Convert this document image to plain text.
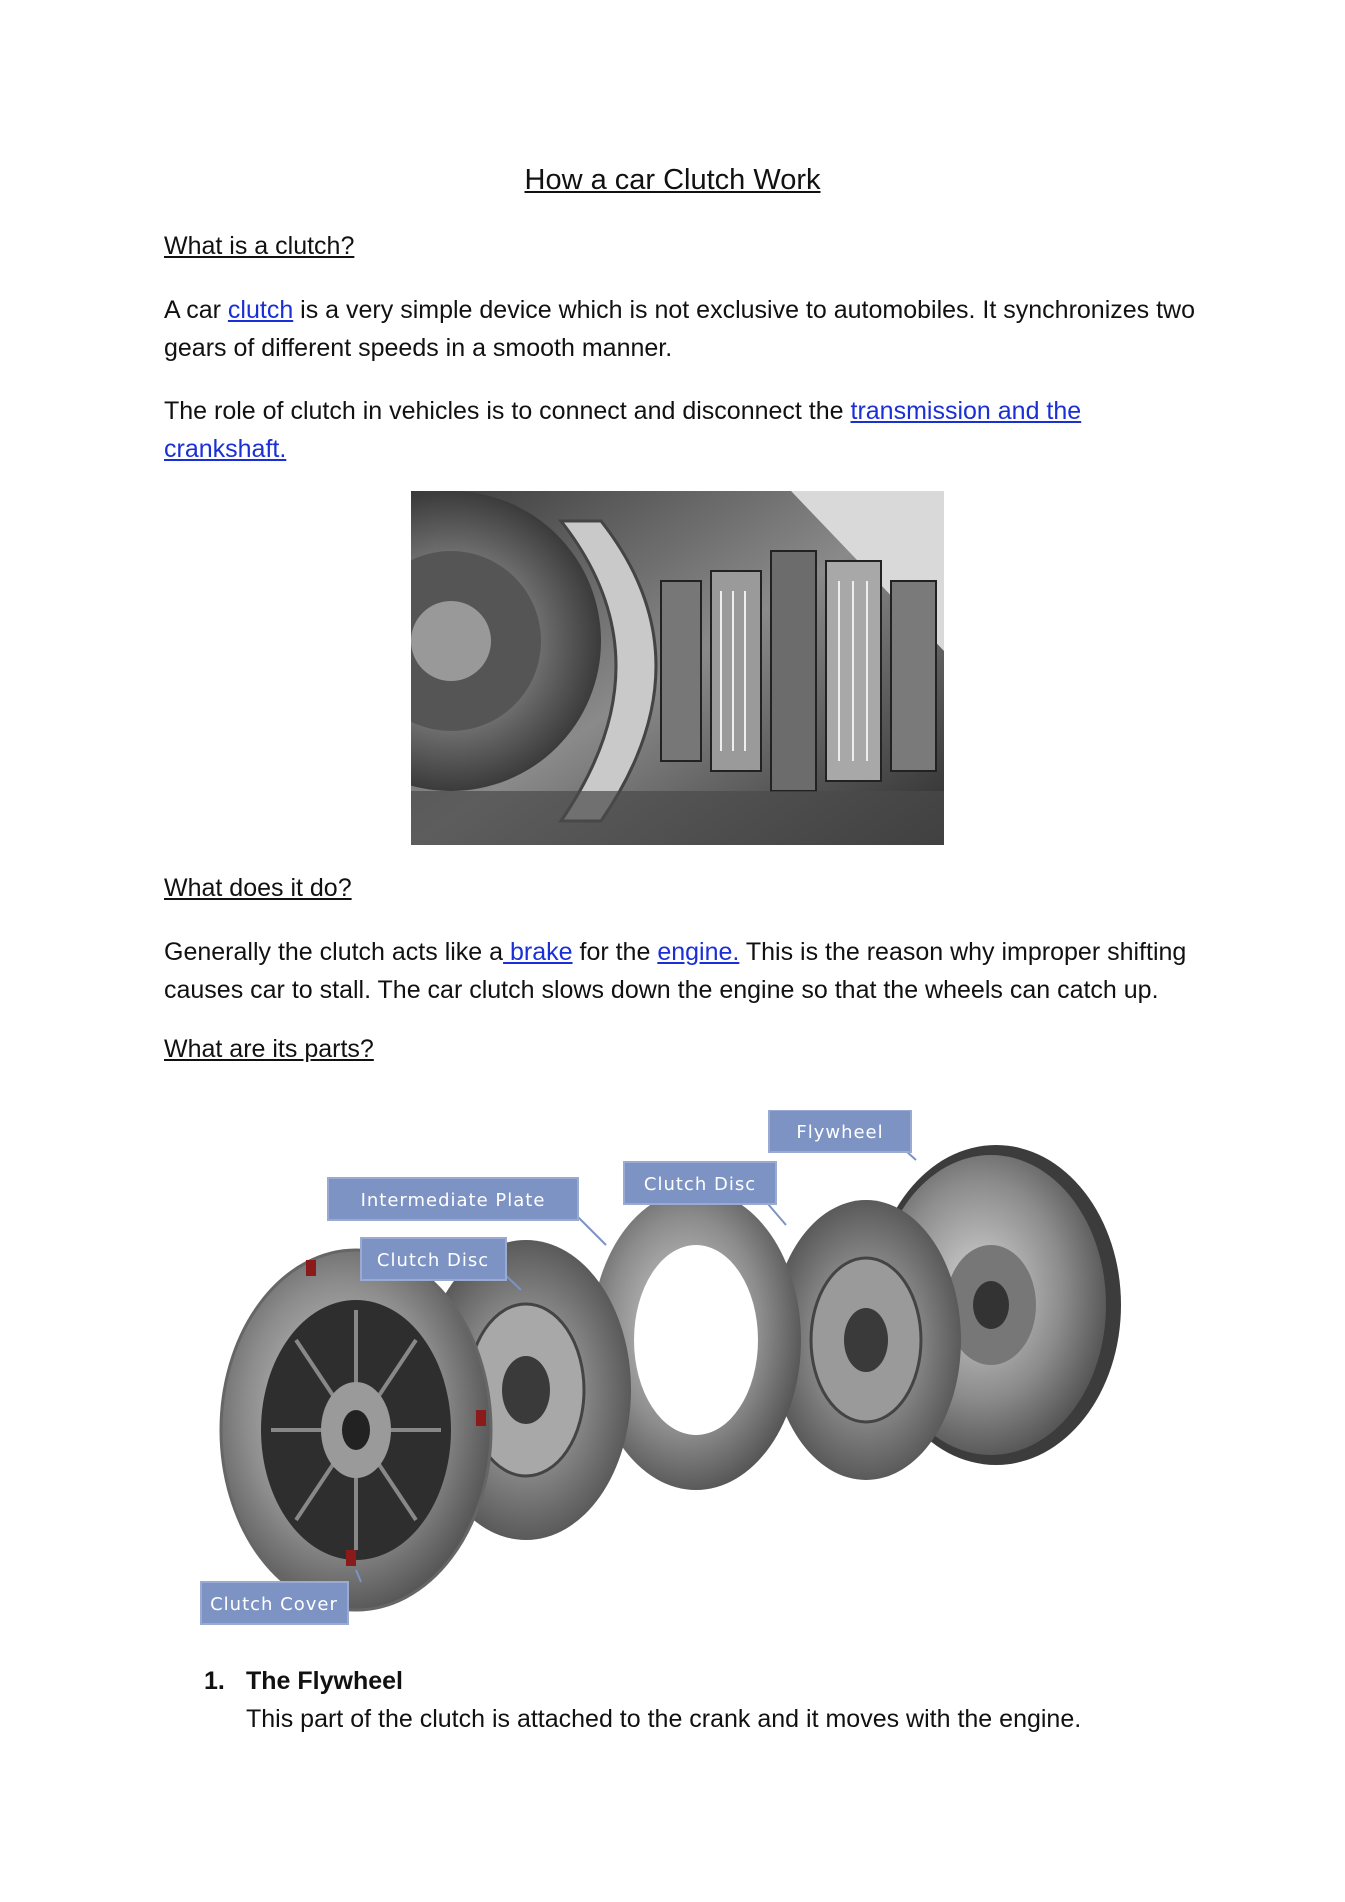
How a car Clutch Work
What is a clutch?
A car clutch is a very simple device which is not exclusive to automobiles. It synchronizes two gears of different speeds in a smooth manner.
The role of clutch in vehicles is to connect and disconnect the transmission and the crankshaft.
What does it do?
Generally the clutch acts like a brake for the engine. This is the reason why improper shifting causes car to stall. The car clutch slows down the engine so that the wheels can catch up.
What are its parts?
Flywheel
Clutch Disc
Intermediate Plate
Clutch Disc
Clutch Cover
1. The Flywheel
This part of the clutch is attached to the crank and it moves with the engine.
